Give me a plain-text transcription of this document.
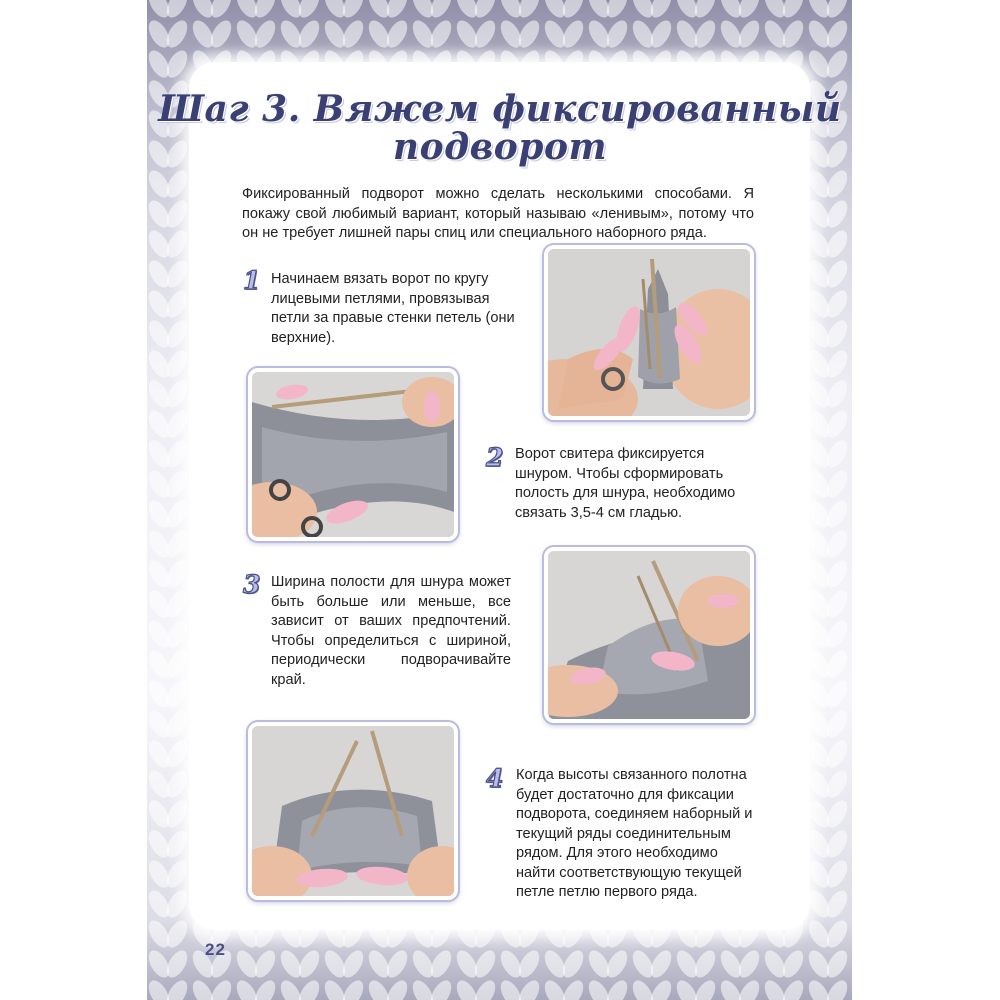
Шаг 3. Вяжем фиксированный
подворот
Фиксированный подворот можно сделать несколькими способами. Я покажу свой любимый вариант, который называю «ленивым», потому что он не требует лишней пары спиц или специального наборного ряда.
1 Начинаем вязать ворот по кругу лицевыми петлями, провязывая петли за правые стенки петель (они верхние).
2 Ворот свитера фиксируется шнуром. Чтобы сформировать полость для шнура, необходимо связать 3,5-4 см гладью.
3 Ширина полости для шнура может быть больше или меньше, все зависит от ваших предпочтений. Чтобы определиться с шириной, периодически подворачивайте край.
4 Когда высоты связанного полотна будет достаточно для фиксации подворота, соединяем наборный и текущий ряды соединительным рядом. Для этого необходимо найти соответствующую текущей петле петлю первого ряда.
22
